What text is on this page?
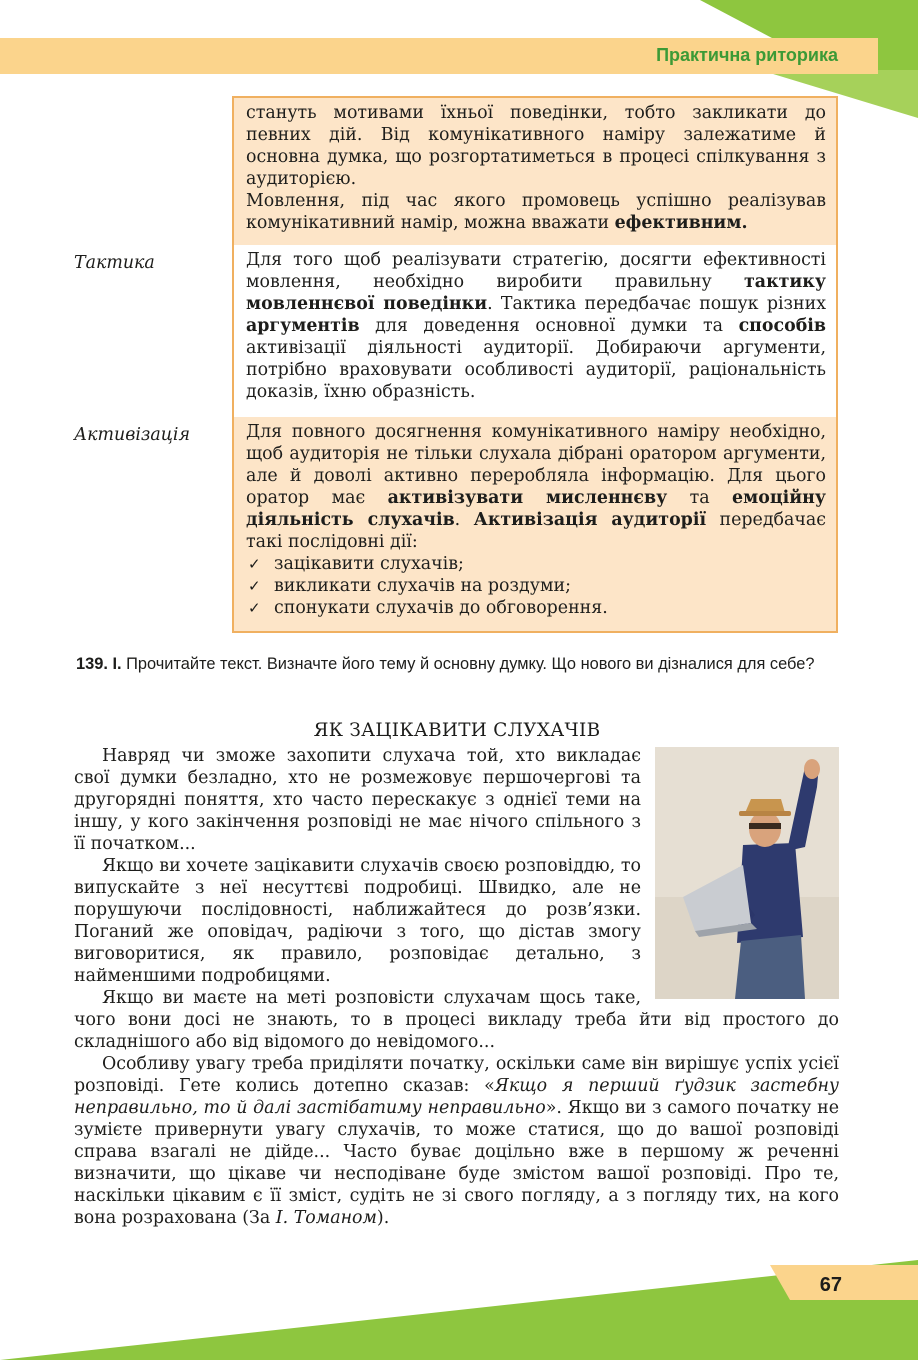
Практична риторика

стануть мотивами їхньої поведінки, тобто закликати до певних дій. Від комунікативного наміру залежатиме й основна думка, що розгортатиметься в процесі спілкування з аудиторією.

Мовлення, під час якого промовець успішно реалізував комунікативний намір, можна вважати ефективним.

Тактика	Для того щоб реалізувати стратегію, досягти ефективності мовлення, необхідно виробити правильну тактику мовленнєвої поведінки. Тактика передбачає пошук різних аргументів для доведення основної думки та способів активізації діяльності аудиторії. Добираючи аргументи, потрібно враховувати особливості аудиторії, раціональність доказів, їхню образність.

Активізація	Для повного досягнення комунікативного наміру необхідно, щоб аудиторія не тільки слухала дібрані оратором аргументи, але й доволі активно переробляла інформацію. Для цього оратор має активізувати мисленнєву та емоційну діяльність слухачів. Активізація аудиторії передбачає такі послідовні дії:

✓ зацікавити слухачів;
✓ викликати слухачів на роздуми;
✓ спонукати слухачів до обговорення.
139. І. Прочитайте текст. Визначте його тему й основну думку. Що нового ви дізналися для себе?
ЯК ЗАЦІКАВИТИ СЛУХАЧІВ

Навряд чи зможе захопити слухача той, хто викладає свої думки безладно, хто не розмежовує першочергові та другорядні поняття, хто часто перескакує з однієї теми на іншу, у кого закінчення розповіді не має нічого спільного з її початком...

Якщо ви хочете зацікавити слухачів своєю розповіддю, то випускайте з неї несуттєві подробиці. Швидко, але не порушуючи послідовності, наближайтеся до розв’язки. Поганий же оповідач, радіючи з того, що дістав змогу виговоритися, як правило, розповідає детально, з найменшими подробицями.

Якщо ви маєте на меті розповісти слухачам щось таке, чого вони досі не знають, то в процесі викладу треба йти від простого до складнішого або від відомого до невідомого...

Особливу увагу треба приділяти початку, оскільки саме він вирішує успіх усієї розповіді. Гете колись дотепно сказав: «Якщо я перший ґудзик застебну неправильно, то й далі застібатиму неправильно». Якщо ви з самого початку не зумієте привернути увагу слухачів, то може статися, що до вашої розповіді справа взагалі не дійде... Часто буває доцільно вже в першому ж реченні визначити, що цікаве чи несподіване буде змістом вашої розповіді. Про те, наскільки цікавим є її зміст, судіть не зі свого погляду, а з погляду тих, на кого вона розрахована (За І. Томаном).

67
